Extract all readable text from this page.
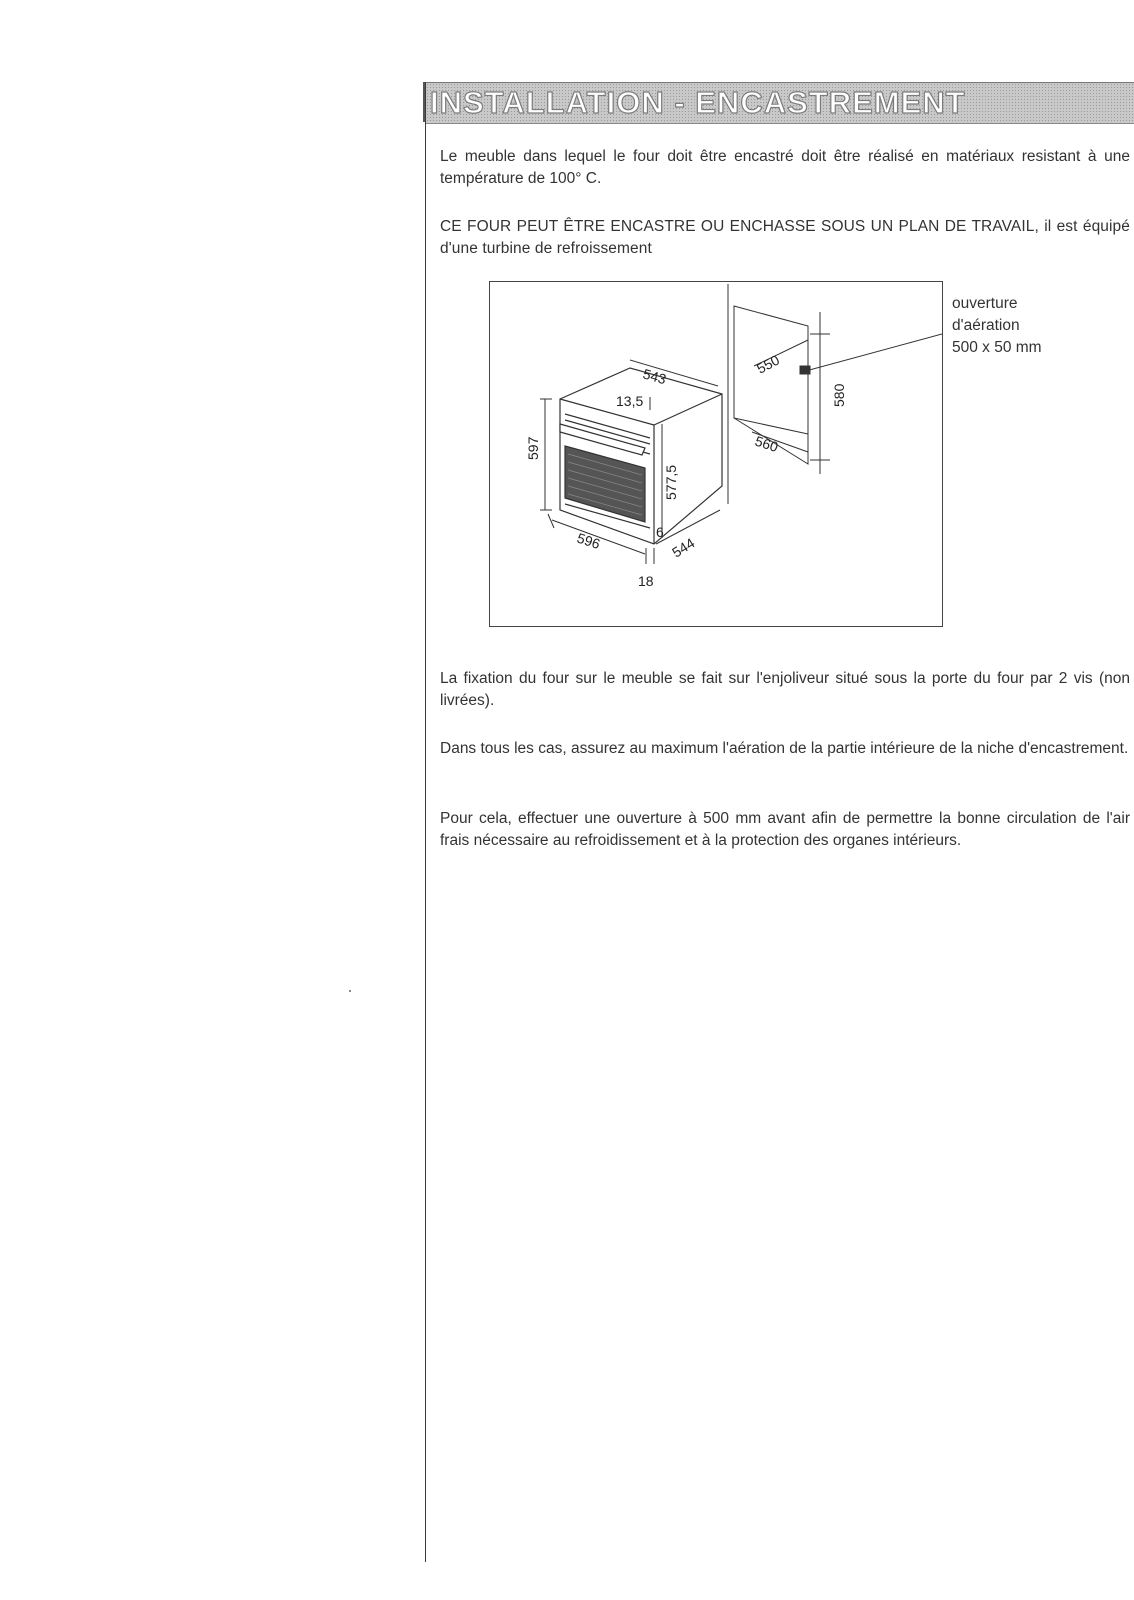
INSTALLATION - ENCASTREMENT

Le meuble dans lequel le four doit être encastré doit être réalisé en matériaux resistant à une température de 100° C.

CE FOUR PEUT ÊTRE ENCASTRE OU ENCHASSE SOUS UN PLAN DE TRAVAIL, il est équipé d'une turbine de refroissement

543
13,5
597
577,5
596	6
544
18
550
580
560
ouverture
d'aération
500 x 50 mm

La fixation du four sur le meuble se fait sur l'enjoliveur situé sous la porte du four par 2 vis (non livrées).

Dans tous les cas, assurez au maximum l'aération de la partie intérieure de la niche d'encastrement.

Pour cela, effectuer une ouverture à 500 mm avant afin de permettre la bonne circulation de l'air frais nécessaire au refroidissement et à la protection des organes intérieurs.
